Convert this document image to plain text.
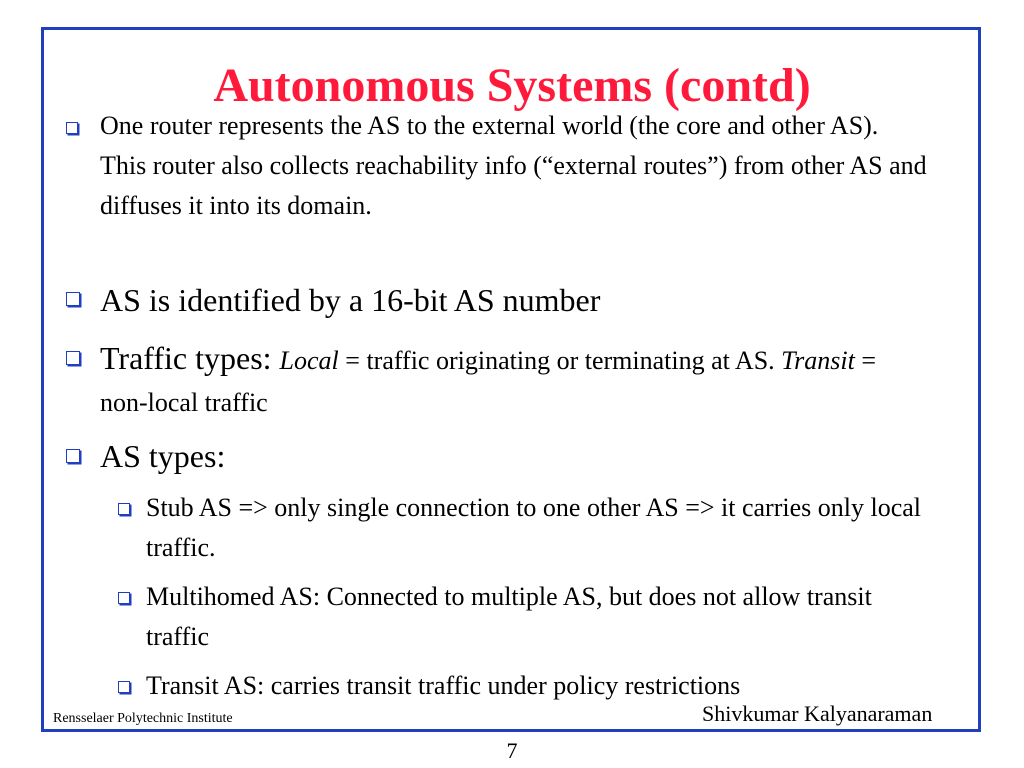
Autonomous Systems (contd)
One router represents the AS to the external world (the core and other AS). This router also collects reachability info (“external routes”) from other AS and diffuses it into its domain.
AS is identified by a 16-bit AS number
Traffic types: Local = traffic originating or terminating at AS. Transit = non-local traffic
AS types:
Stub AS => only single connection to one other AS => it carries only local traffic.
Multihomed AS: Connected to multiple AS, but does not allow transit traffic
Transit AS: carries transit traffic under policy restrictions
Rensselaer Polytechnic Institute	Shivkumar Kalyanaraman
7
